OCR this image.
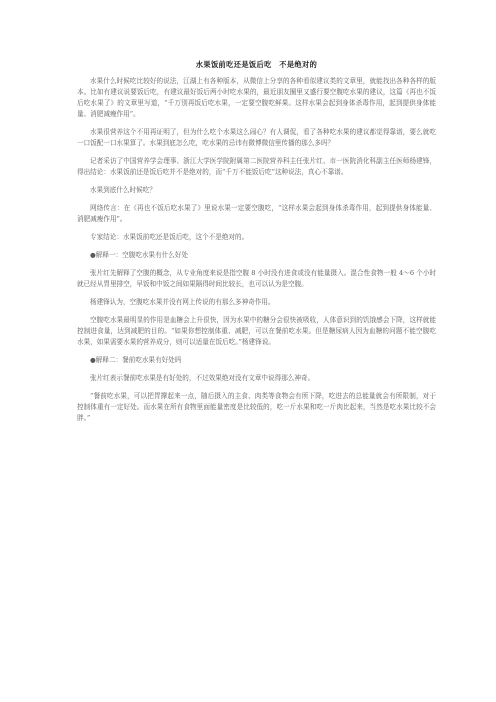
水果饭前吃还是饭后吃　不是绝对的

水果什么时候吃比较好的说法，江湖上有各种版本，从微信上分享的各种看似建议类的文章里，就能找出各种各样的版本。比如有建议说要饭后吃，有建议最好饭后两小时吃水果的，最近朋友圈里又盛行要空腹吃水果的建议，这篇《再也不饭后吃水果了》的文章里写道，“千万别再饭后吃水果，一定要空腹吃鲜果。这样水果会起到身体杀毒作用，起到提供身体能量、消肥减瘦作用”。

水果很营养这个不用再证明了，但为什么吃个水果这么闹心？有人调侃，看了各种吃水果的建议都觉得靠谱，要么就吃一口饭配一口水果算了。水果到底怎么吃，吃水果的忌讳有微博微信里传播的那么多吗？

记者采访了中国营养学会理事、浙江大学医学院附属第二医院营养科主任张片红、市一医院消化科副主任医师杨建锋，得出结论：水果饭前还是饭后吃并不是绝对的，而“千万不能饭后吃”这种说法，真心不靠谱。

水果到底什么时候吃？

网络传言：在《再也不饭后吃水果了》里说水果一定要空腹吃，“这样水果会起到身体杀毒作用，起到提供身体能量、消肥减瘦作用”。

专家结论：水果饭前吃还是饭后吃，这个不是绝对的。

●解释一：空腹吃水果有什么好处

张片红先解释了空腹的概念，从专业角度来说是指空腹 8 小时没有进食或没有能量摄入。混合性食物一般 4～6 个小时就已经从胃里排空，早饭和中饭之间如果隔得时间比较长，也可以认为是空腹。

杨建锋认为，空腹吃水果并没有网上传说的有那么多神奇作用。

空腹吃水果最明显的作用是血糖会上升很快，因为水果中的糖分会很快被吸收，人体意识到的饥饿感会下降，这样就能控制进食量，达到减肥的目的。“如果你想控制体重、减肥，可以在餐前吃水果。但是糖尿病人因为血糖的问题不能空腹吃水果，如果需要水果的营养成分，则可以适量在饭后吃。”杨建锋说。

●解释二：餐前吃水果有好处吗

张片红表示餐前吃水果是有好处的，不过效果绝对没有文章中说得那么神奇。

“餐前吃水果，可以把胃撑起来一点，随后摄入的主食、肉类等食物会有所下降，吃进去的总能量就会有所限制，对于控制体重有一定好处。而水果在所有食物里面能量密度是比较低的，吃一斤水果和吃一斤肉比起来，当然是吃水果比较不会胖。”
